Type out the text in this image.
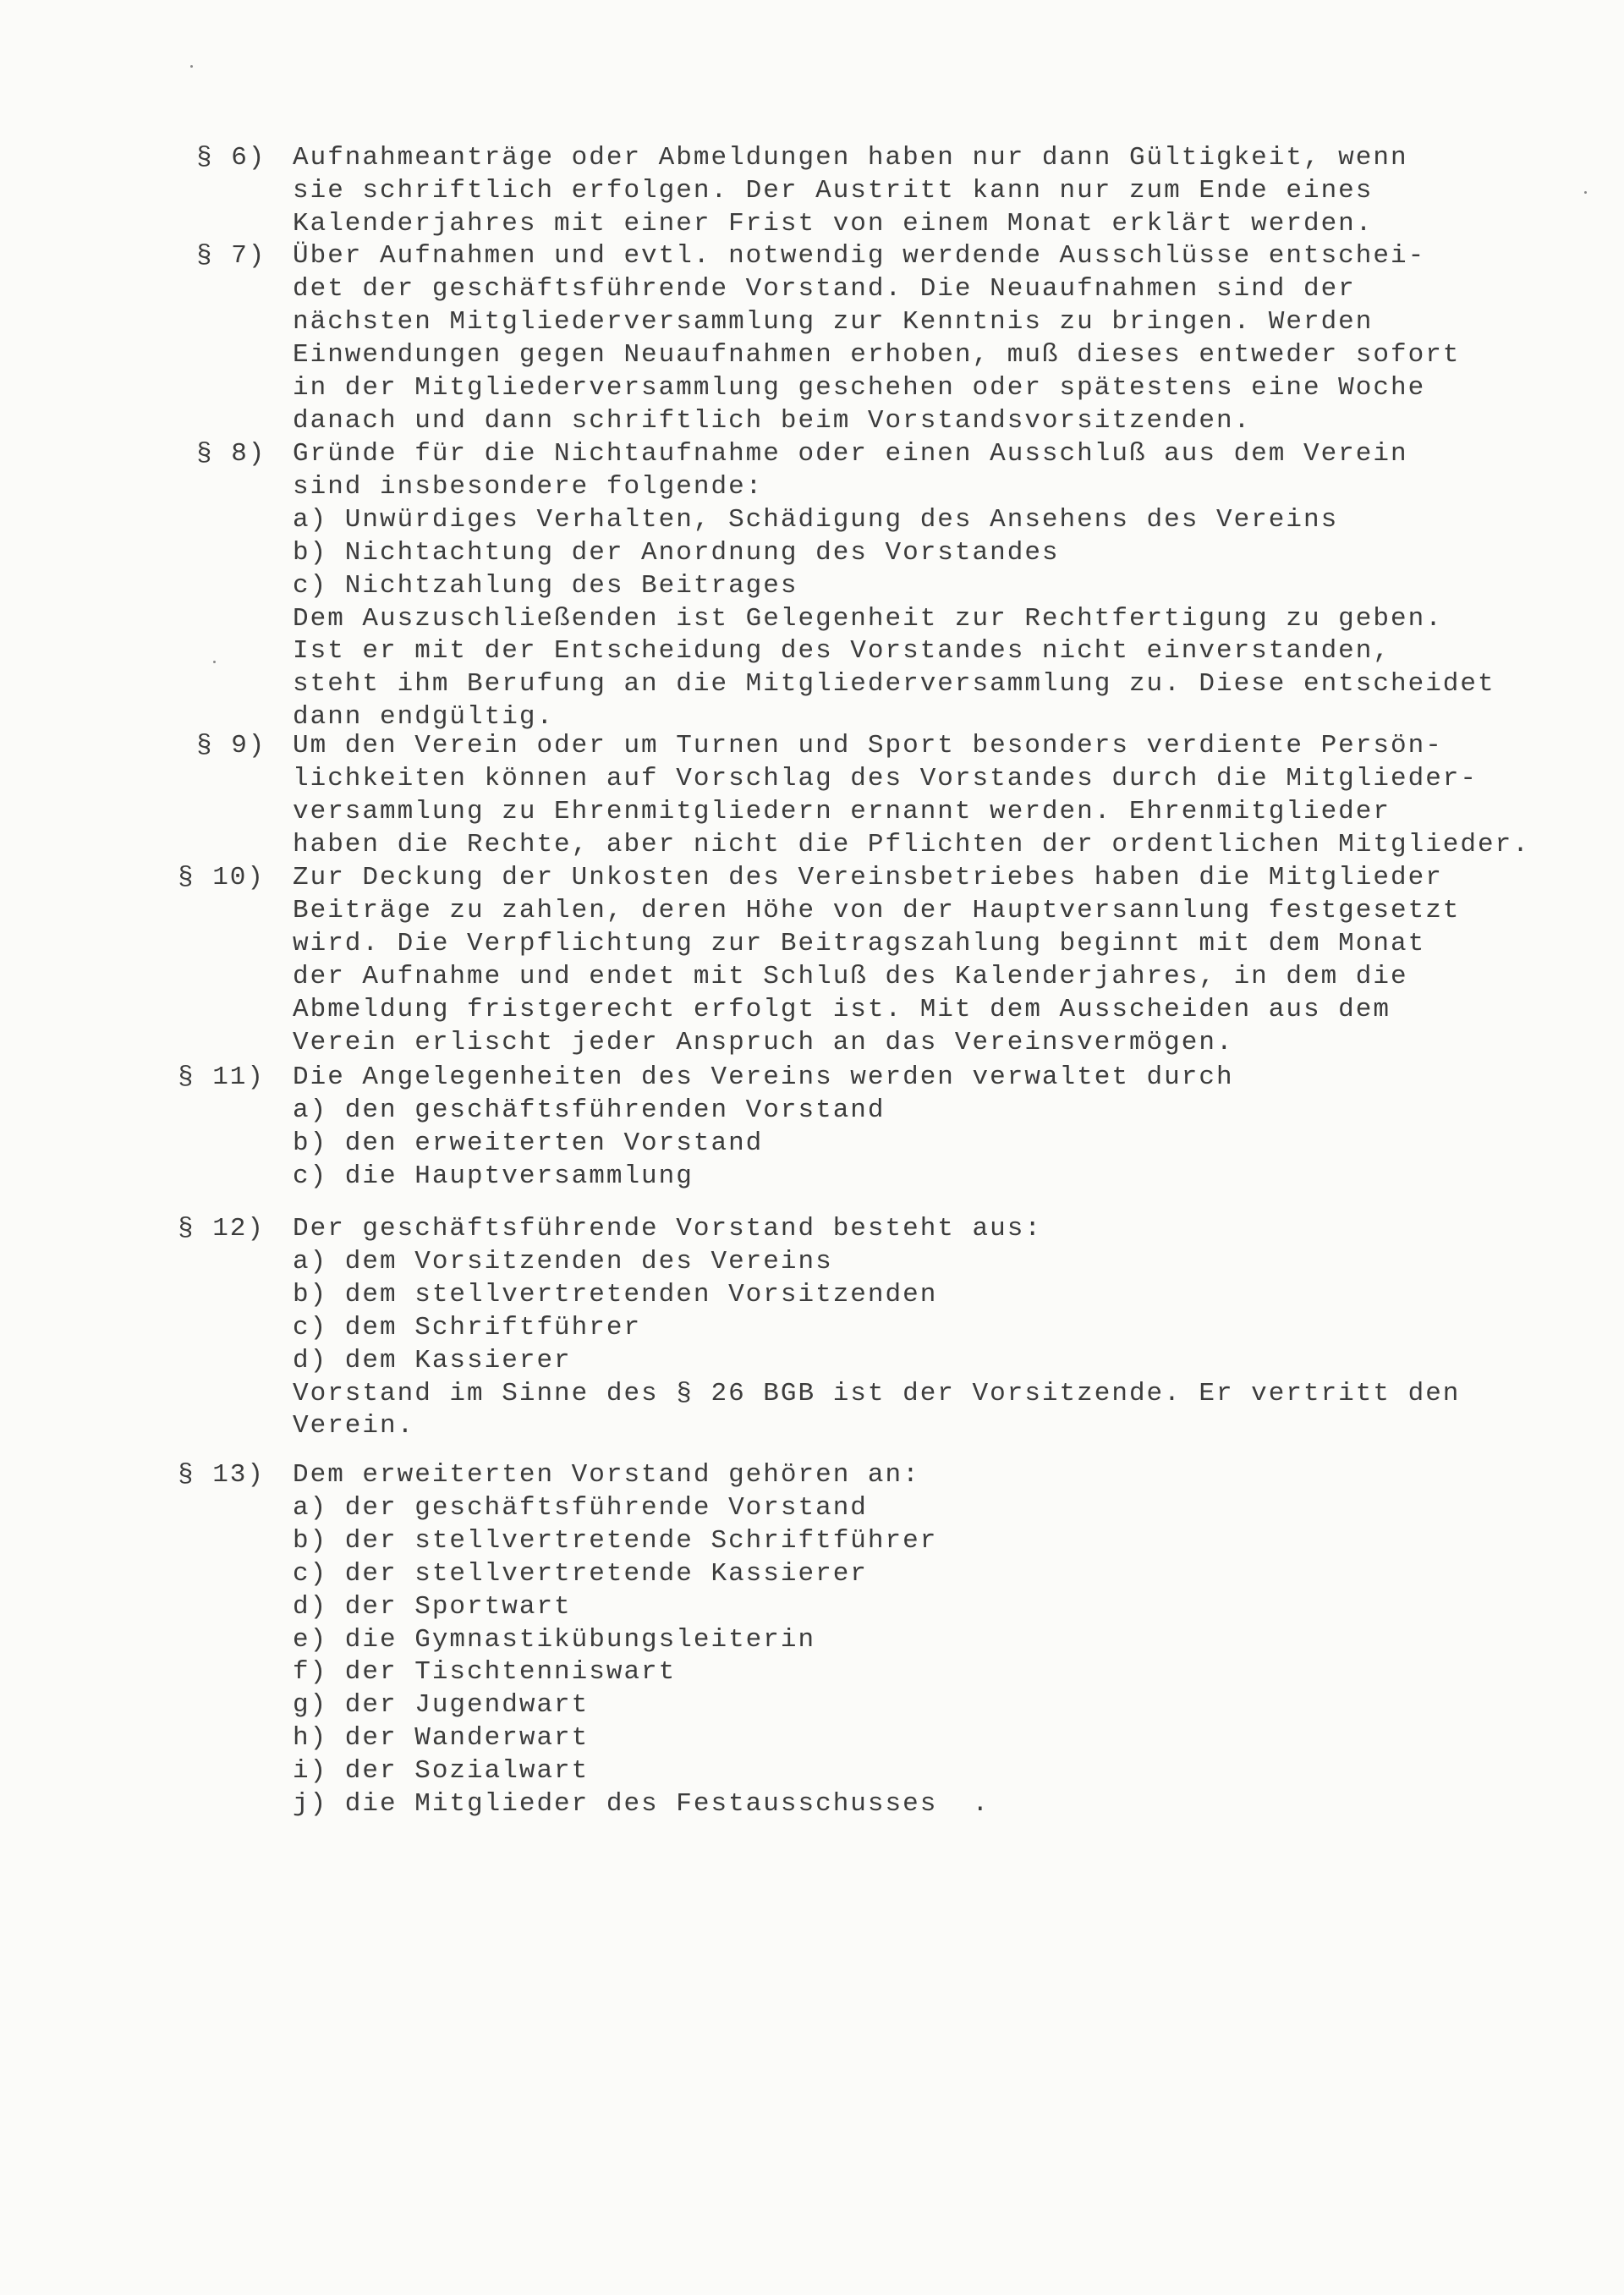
§ 6) Aufnahmeanträge oder Abmeldungen haben nur dann Gültigkeit, wenn
sie schriftlich erfolgen. Der Austritt kann nur zum Ende eines
Kalenderjahres mit einer Frist von einem Monat erklärt werden.
§ 7) Über Aufnahmen und evtl. notwendig werdende Ausschlüsse entschei-
det der geschäftsführende Vorstand. Die Neuaufnahmen sind der
nächsten Mitgliederversammlung zur Kenntnis zu bringen. Werden
Einwendungen gegen Neuaufnahmen erhoben, muß dieses entweder sofort
in der Mitgliederversammlung geschehen oder spätestens eine Woche
danach und dann schriftlich beim Vorstandsvorsitzenden.
§ 8) Gründe für die Nichtaufnahme oder einen Ausschluß aus dem Verein
sind insbesondere folgende:
a) Unwürdiges Verhalten, Schädigung des Ansehens des Vereins
b) Nichtachtung der Anordnung des Vorstandes
c) Nichtzahlung des Beitrages
Dem Auszuschließenden ist Gelegenheit zur Rechtfertigung zu geben.
Ist er mit der Entscheidung des Vorstandes nicht einverstanden,
steht ihm Berufung an die Mitgliederversammlung zu. Diese entscheidet
dann endgültig.
§ 9) Um den Verein oder um Turnen und Sport besonders verdiente Persön-
lichkeiten können auf Vorschlag des Vorstandes durch die Mitglieder-
versammlung zu Ehrenmitgliedern ernannt werden. Ehrenmitglieder
haben die Rechte, aber nicht die Pflichten der ordentlichen Mitglieder.
§ 10) Zur Deckung der Unkosten des Vereinsbetriebes haben die Mitglieder
Beiträge zu zahlen, deren Höhe von der Hauptversannlung festgesetzt
wird. Die Verpflichtung zur Beitragszahlung beginnt mit dem Monat
der Aufnahme und endet mit Schluß des Kalenderjahres, in dem die
Abmeldung fristgerecht erfolgt ist. Mit dem Ausscheiden aus dem
Verein erlischt jeder Anspruch an das Vereinsvermögen.
§ 11) Die Angelegenheiten des Vereins werden verwaltet durch
a) den geschäftsführenden Vorstand
b) den erweiterten Vorstand
c) die Hauptversammlung
§ 12) Der geschäftsführende Vorstand besteht aus:
a) dem Vorsitzenden des Vereins
b) dem stellvertretenden Vorsitzenden
c) dem Schriftführer
d) dem Kassierer
Vorstand im Sinne des § 26 BGB ist der Vorsitzende. Er vertritt den
Verein.
§ 13) Dem erweiterten Vorstand gehören an:
a) der geschäftsführende Vorstand
b) der stellvertretende Schriftführer
c) der stellvertretende Kassierer
d) der Sportwart
e) die Gymnastikübungsleiterin
f) der Tischtenniswart
g) der Jugendwart
h) der Wanderwart
i) der Sozialwart
j) die Mitglieder des Festausschusses  .
